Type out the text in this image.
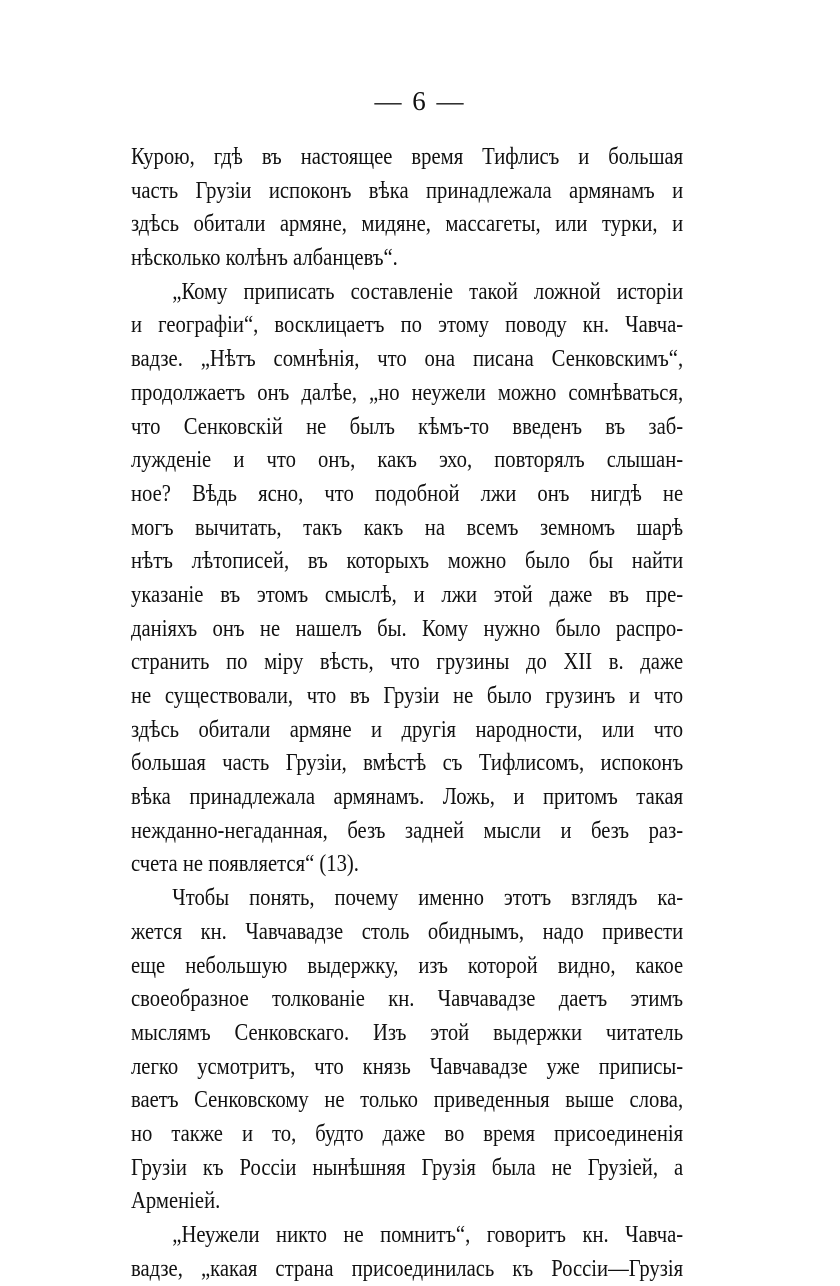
— 6 —
Курою, гдѣ въ настоящее время Тифлисъ и большая
часть Грузіи испоконъ вѣка принадлежала армянамъ и
здѣсь обитали армяне, мидяне, массагеты, или турки, и
нѣсколько колѣнъ албанцевъ“.
„Кому приписать составленіе такой ложной исторіи
и географіи“, восклицаетъ по этому поводу кн. Чавча-
вадзе. „Нѣтъ сомнѣнія, что она писана Сенковскимъ“,
продолжаетъ онъ далѣе, „но неужели можно сомнѣваться,
что Сенковскій не былъ кѣмъ-то введенъ въ заб-
лужденіе и что онъ, какъ эхо, повторялъ слышан-
ное? Вѣдь ясно, что подобной лжи онъ нигдѣ не
могъ вычитать, такъ какъ на всемъ земномъ шарѣ
нѣтъ лѣтописей, въ которыхъ можно было бы найти
указаніе въ этомъ смыслѣ, и лжи этой даже въ пре-
даніяхъ онъ не нашелъ бы. Кому нужно было распро-
странить по міру вѣсть, что грузины до XII в. даже
не существовали, что въ Грузіи не было грузинъ и что
здѣсь обитали армяне и другія народности, или что
большая часть Грузіи, вмѣстѣ съ Тифлисомъ, испоконъ
вѣка принадлежала армянамъ. Ложь, и притомъ такая
нежданно-негаданная, безъ задней мысли и безъ раз-
счета не появляется“ (13).
Чтобы понять, почему именно этотъ взглядъ ка-
жется кн. Чавчавадзе столь обиднымъ, надо привести
еще небольшую выдержку, изъ которой видно, какое
своеобразное толкованіе кн. Чавчавадзе даетъ этимъ
мыслямъ Сенковскаго. Изъ этой выдержки читатель
легко усмотритъ, что князь Чавчавадзе уже приписы-
ваетъ Сенковскому не только приведенныя выше слова,
но также и то, будто даже во время присоединенія
Грузіи къ Россіи нынѣшняя Грузія была не Грузіей, а
Арменіей.
„Неужели никто не помнитъ“, говоритъ кн. Чавча-
вадзе, „какая страна присоединилась къ Россіи—Грузія
